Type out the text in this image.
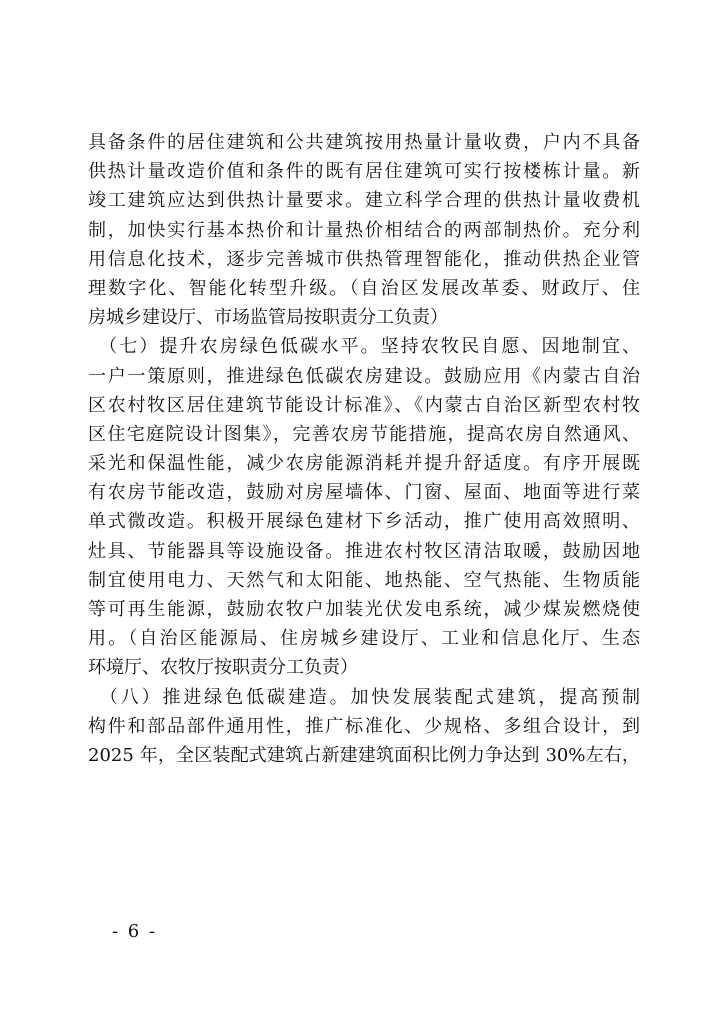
具备条件的居住建筑和公共建筑按用热量计量收费，户内不具备
供热计量改造价值和条件的既有居住建筑可实行按楼栋计量。新
竣工建筑应达到供热计量要求。建立科学合理的供热计量收费机
制，加快实行基本热价和计量热价相结合的两部制热价。充分利
用信息化技术，逐步完善城市供热管理智能化，推动供热企业管
理数字化、智能化转型升级。（自治区发展改革委、财政厅、住
房城乡建设厅、市场监管局按职责分工负责）
　（七）提升农房绿色低碳水平。坚持农牧民自愿、因地制宜、
一户一策原则，推进绿色低碳农房建设。鼓励应用《内蒙古自治
区农村牧区居住建筑节能设计标准》、《内蒙古自治区新型农村牧
区住宅庭院设计图集》，完善农房节能措施，提高农房自然通风、
采光和保温性能，减少农房能源消耗并提升舒适度。有序开展既
有农房节能改造，鼓励对房屋墙体、门窗、屋面、地面等进行菜
单式微改造。积极开展绿色建材下乡活动，推广使用高效照明、
灶具、节能器具等设施设备。推进农村牧区清洁取暖，鼓励因地
制宜使用电力、天然气和太阳能、地热能、空气热能、生物质能
等可再生能源，鼓励农牧户加装光伏发电系统，减少煤炭燃烧使
用。（自治区能源局、住房城乡建设厅、工业和信息化厅、生态
环境厅、农牧厅按职责分工负责）
　（八）推进绿色低碳建造。加快发展装配式建筑，提高预制
构件和部品部件通用性，推广标准化、少规格、多组合设计，到
2025 年，全区装配式建筑占新建建筑面积比例力争达到 30%左右，
- 6 -
